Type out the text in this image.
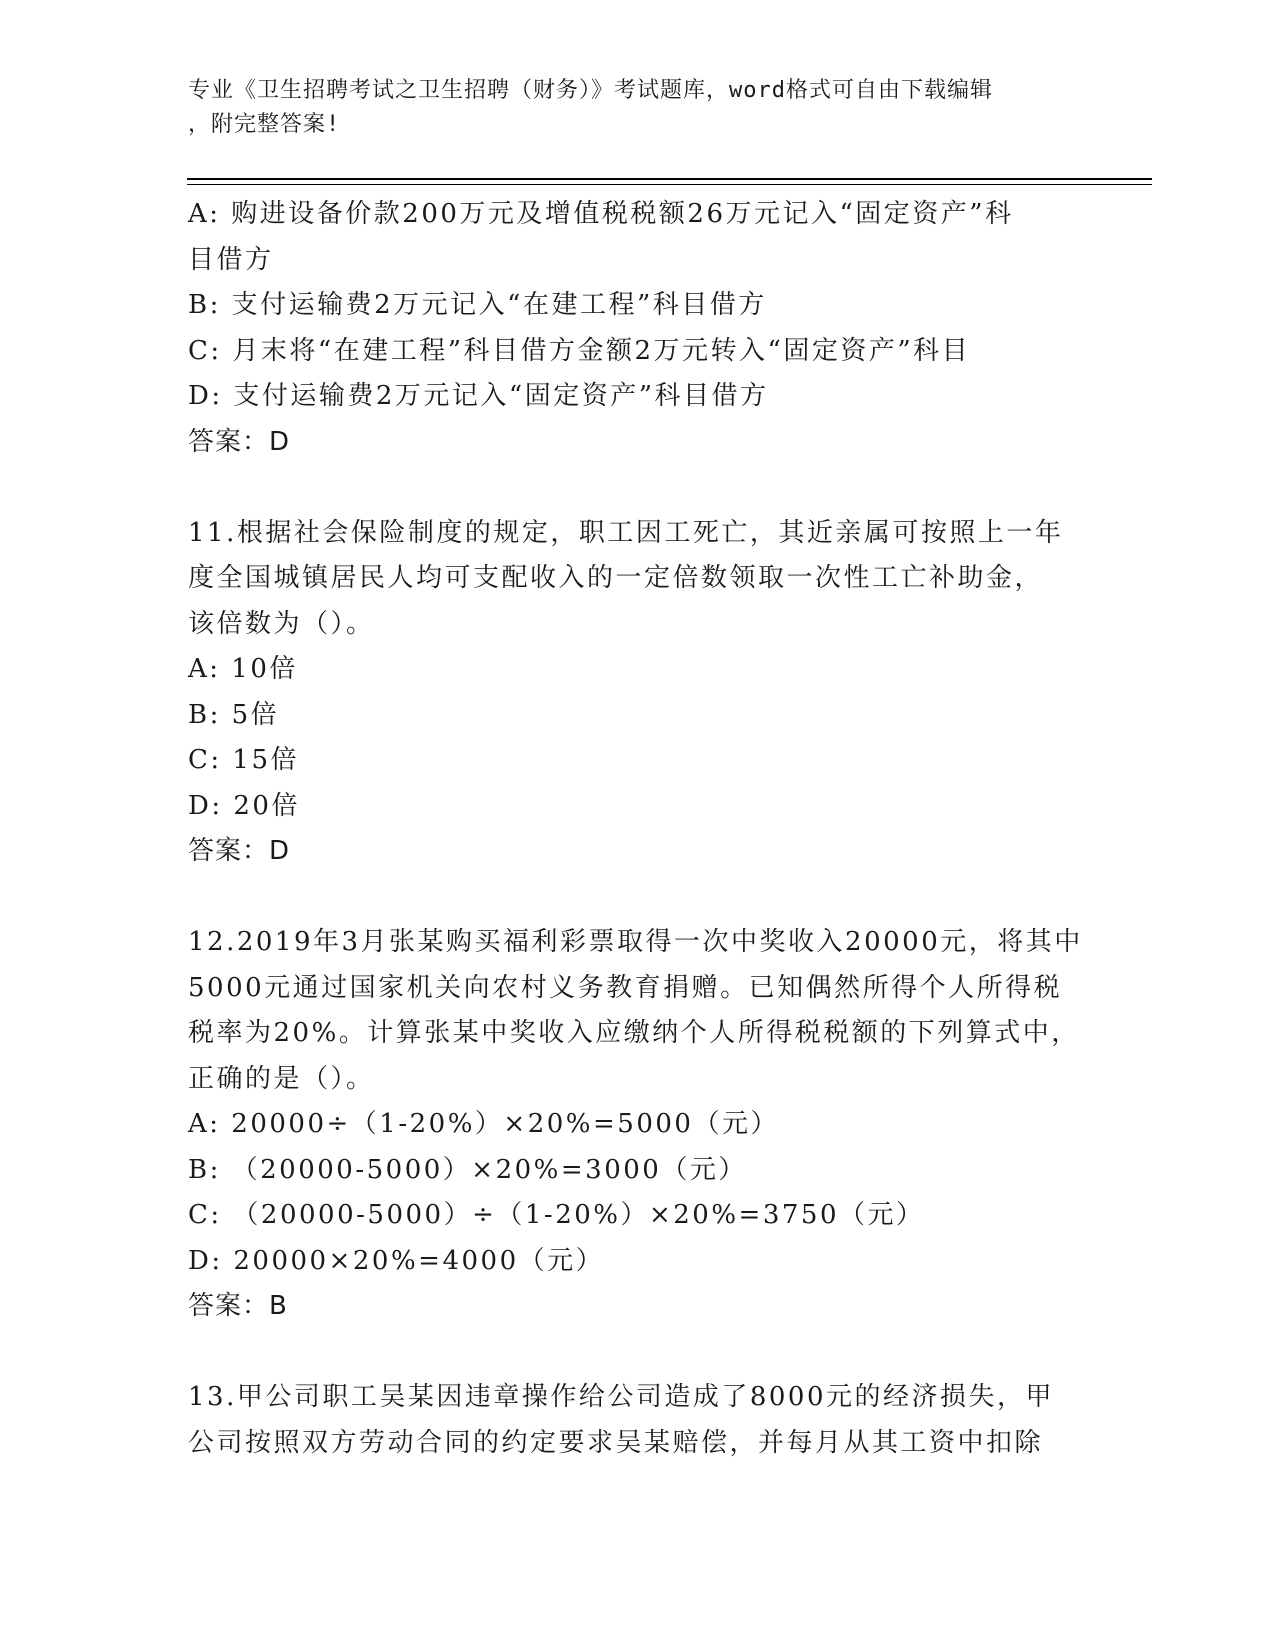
专业《卫生招聘考试之卫生招聘（财务）》考试题库，word格式可自由下载编辑
，附完整答案!
A: 购进设备价款200万元及增值税税额26万元记入“固定资产”科
目借方
B: 支付运输费2万元记入“在建工程”科目借方
C: 月末将“在建工程”科目借方金额2万元转入“固定资产”科目
D: 支付运输费2万元记入“固定资产”科目借方
答案：D
11.根据社会保险制度的规定，职工因工死亡，其近亲属可按照上一年
度全国城镇居民人均可支配收入的一定倍数领取一次性工亡补助金，
该倍数为（）。
A: 10倍
B: 5倍
C: 15倍
D: 20倍
答案：D
12.2019年3月张某购买福利彩票取得一次中奖收入20000元，将其中
5000元通过国家机关向农村义务教育捐赠。已知偶然所得个人所得税
税率为20%。计算张某中奖收入应缴纳个人所得税税额的下列算式中，
正确的是（）。
A: 20000÷（1-20%）×20%=5000（元）
B: （20000-5000）×20%=3000（元）
C: （20000-5000）÷（1-20%）×20%=3750（元）
D: 20000×20%=4000（元）
答案：B
13.甲公司职工吴某因违章操作给公司造成了8000元的经济损失，甲
公司按照双方劳动合同的约定要求吴某赔偿，并每月从其工资中扣除
